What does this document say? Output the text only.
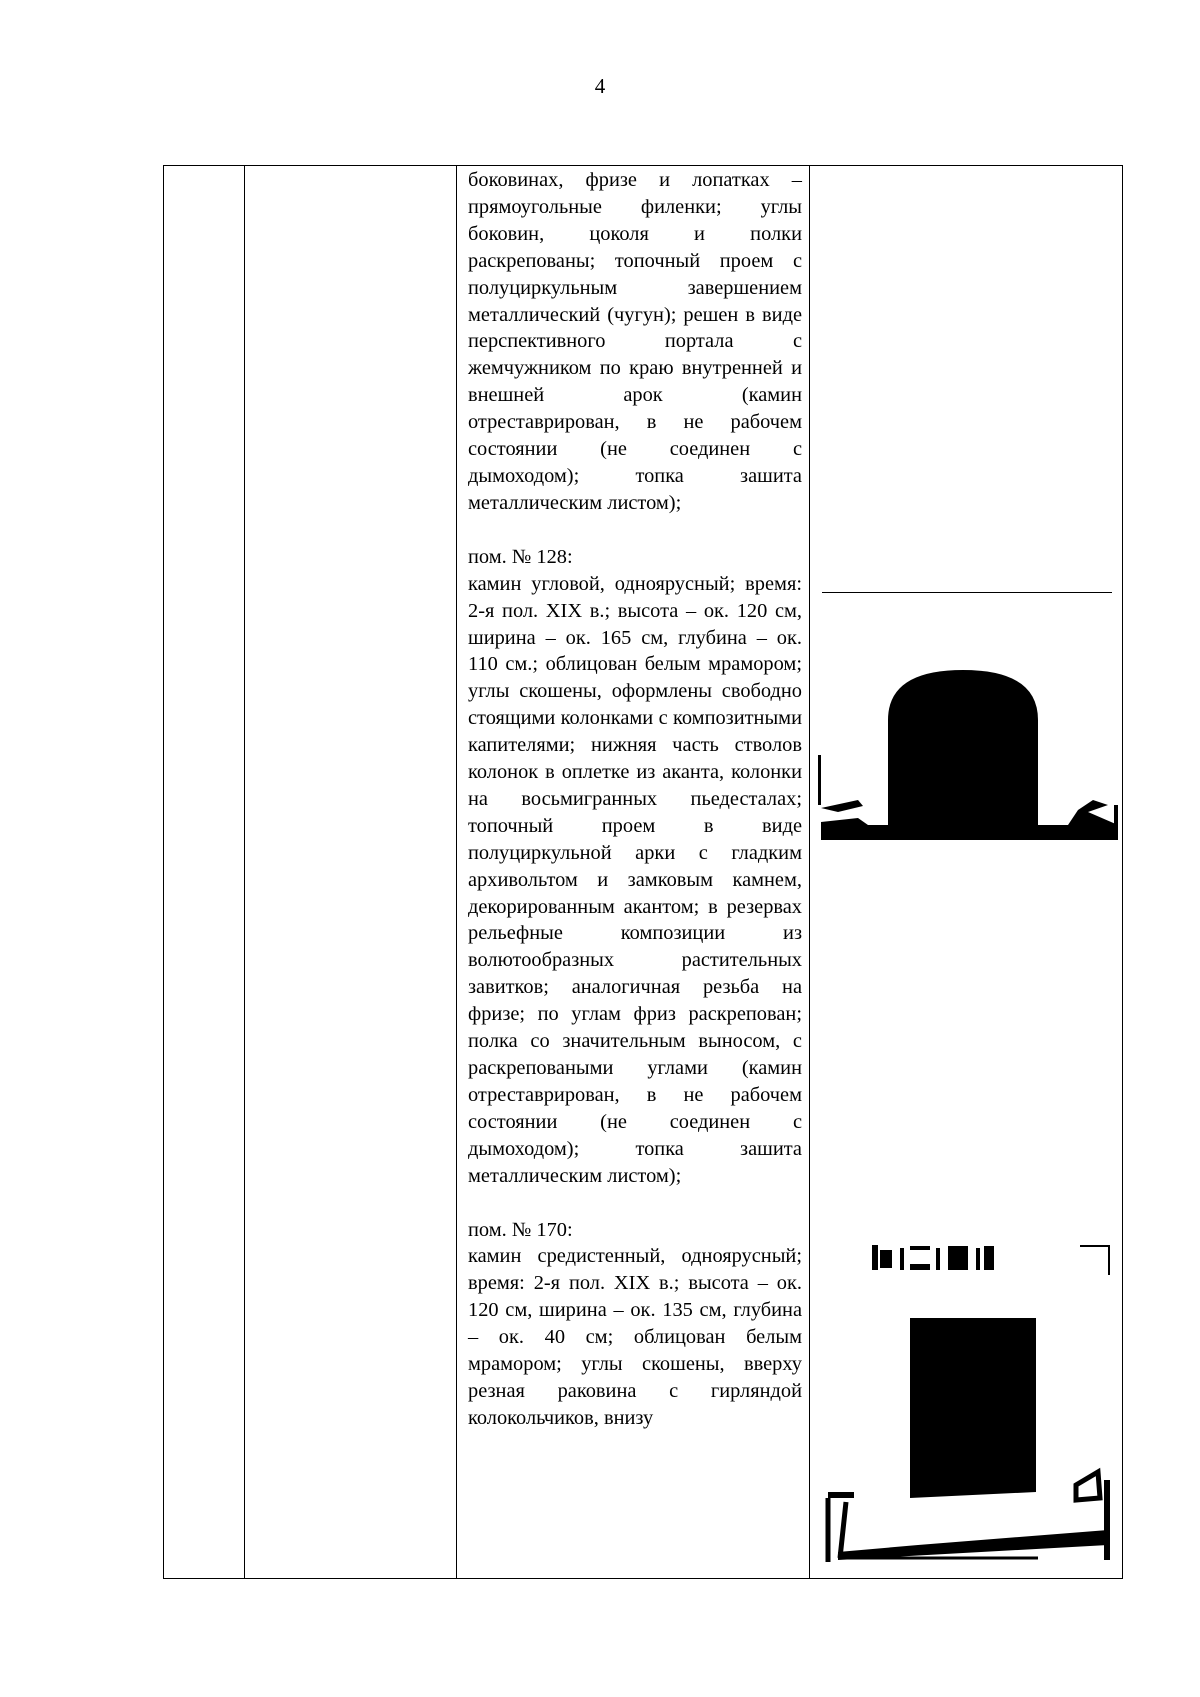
4

боковинах, фризе и лопатках – прямоугольные филенки; углы боковин, цоколя и полки раскрепованы; топочный проем с полуциркульным завершением металлический (чугун); решен в виде перспективного портала с жемчужником по краю внутренней и внешней арок (камин отреставрирован, в не рабочем состоянии (не соединен с дымоходом); топка зашита металлическим листом);

пом. № 128:

камин угловой, одноярусный; время: 2-я пол. XIX в.; высота – ок. 120 см, ширина – ок. 165 см, глубина – ок. 110 см.; облицован белым мрамором; углы скошены, оформлены свободно стоящими колонками с композитными капителями; нижняя часть стволов колонок в оплетке из аканта, колонки на восьмигранных пьедесталах; топочный проем в виде полуциркульной арки с гладким архивольтом и замковым камнем, декорированным акантом; в резервах рельефные композиции из волютообразных растительных завитков; аналогичная резьба на фризе; по углам фриз раскрепован; полка со значительным выносом, с раскреповаными углами (камин отреставрирован, в не рабочем состоянии (не соединен с дымоходом); топка зашита металлическим листом);

пом. № 170:

камин средистенный, одноярусный; время: 2-я пол. XIX в.; высота – ок. 120 см, ширина – ок. 135 см, глубина – ок. 40 см; облицован белым мрамором; углы скошены, вверху резная раковина с гирляндой колокольчиков, внизу
